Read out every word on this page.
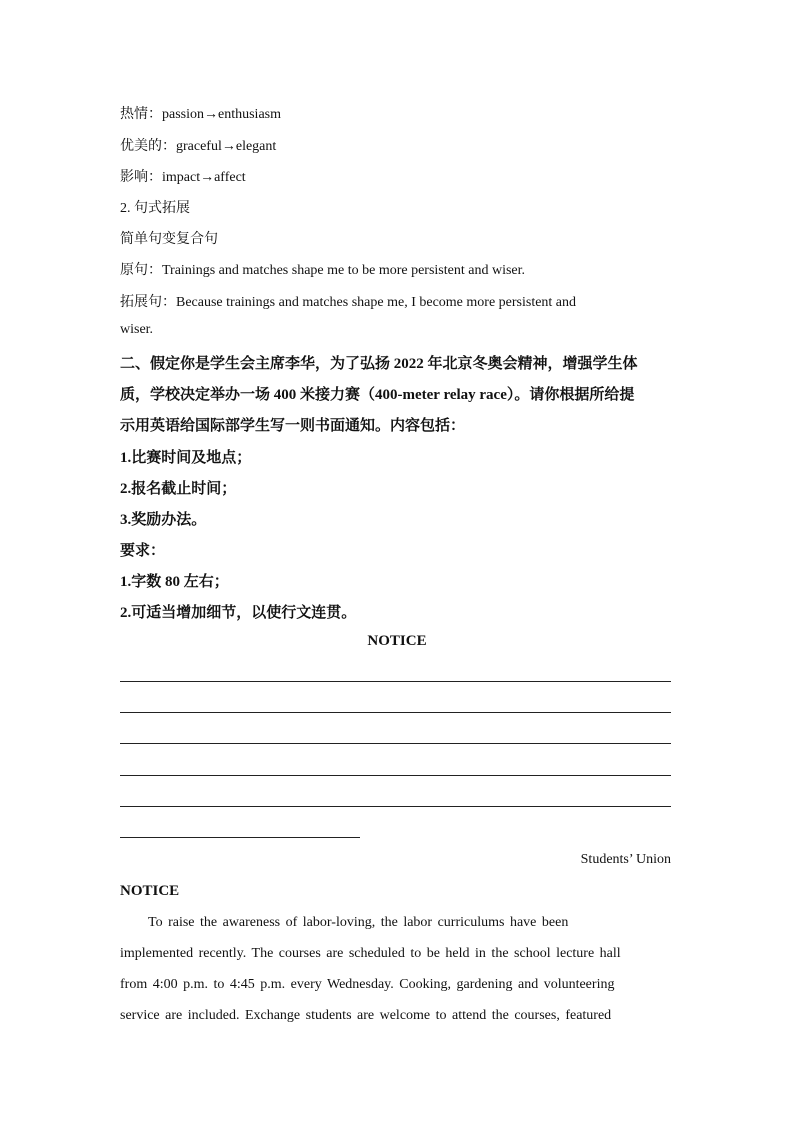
热情：passion→enthusiasm
优美的：graceful→elegant
影响：impact→affect
2. 句式拓展
简单句变复合句
原句：Trainings and matches shape me to be more persistent and wiser.
拓展句：Because trainings and matches shape me, I become more persistent and
wiser.
二、假定你是学生会主席李华，为了弘扬 2022 年北京冬奥会精神，增强学生体
质，学校决定举办一场 400 米接力赛（400-meter relay race）。请你根据所给提
示用英语给国际部学生写一则书面通知。内容包括：
1.比赛时间及地点；
2.报名截止时间；
3.奖励办法。
要求：
1.字数 80 左右；
2.可适当增加细节，以使行文连贯。
NOTICE
Students’ Union
NOTICE
To raise the awareness of labor-loving, the labor curriculums have been
implemented recently. The courses are scheduled to be held in the school lecture hall
from 4:00 p.m. to 4:45 p.m. every Wednesday. Cooking, gardening and volunteering
service are included. Exchange students are welcome to attend the courses, featured
